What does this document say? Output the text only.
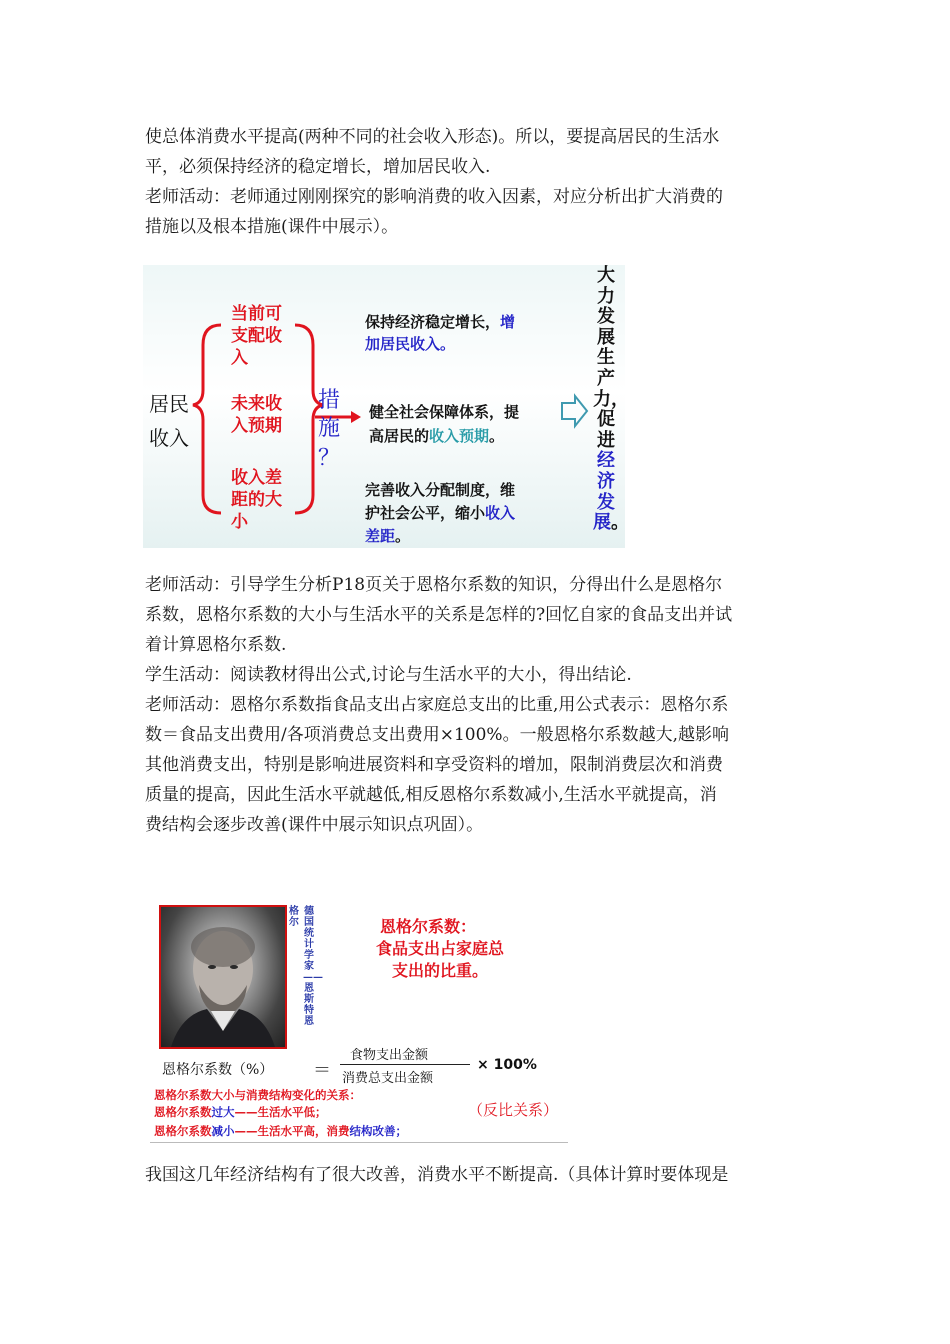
使总体消费水平提高(两种不同的社会收入形态)。所以，要提高居民的生活水
平，必须保持经济的稳定增长，增加居民收入.
老师活动：老师通过刚刚探究的影响消费的收入因素，对应分析出扩大消费的
措施以及根本措施(课件中展示）。
居民
收入
当前可
支配收
入
未来收
入预期
收入差
距的大
小
措
施
？
保持经济稳定增长，增
加居民收入。
健全社会保障体系，提
高居民的收入预期。
完善收入分配制度，维
护社会公平，缩小收入
差距。
大力发展生产力，促进经济发展。
老师活动：引导学生分析P18页关于恩格尔系数的知识，分得出什么是恩格尔
系数，恩格尔系数的大小与生活水平的关系是怎样的?回忆自家的食品支出并试
着计算恩格尔系数.
学生活动：阅读教材得出公式,讨论与生活水平的大小，得出结论.
老师活动：恩格尔系数指食品支出占家庭总支出的比重,用公式表示：恩格尔系
数＝食品支出费用/各项消费总支出费用×100%。一般恩格尔系数越大,越影响
其他消费支出，特别是影响进展资料和享受资料的增加，限制消费层次和消费
质量的提高，因此生活水平就越低,相反恩格尔系数减小,生活水平就提高，消
费结构会逐步改善(课件中展示知识点巩固）。
格尔
德国统计学家——恩斯特恩
恩格尔系数：
食品支出占家庭总
支出的比重。
恩格尔系数（%） ＝
食物支出金额
消费总支出金额
× 100%
恩格尔系数大小与消费结构变化的关系：
恩格尔系数过大——生活水平低；
恩格尔系数减小——生活水平高，消费结构改善；
（反比关系）
我国这几年经济结构有了很大改善，消费水平不断提高.（具体计算时要体现是
